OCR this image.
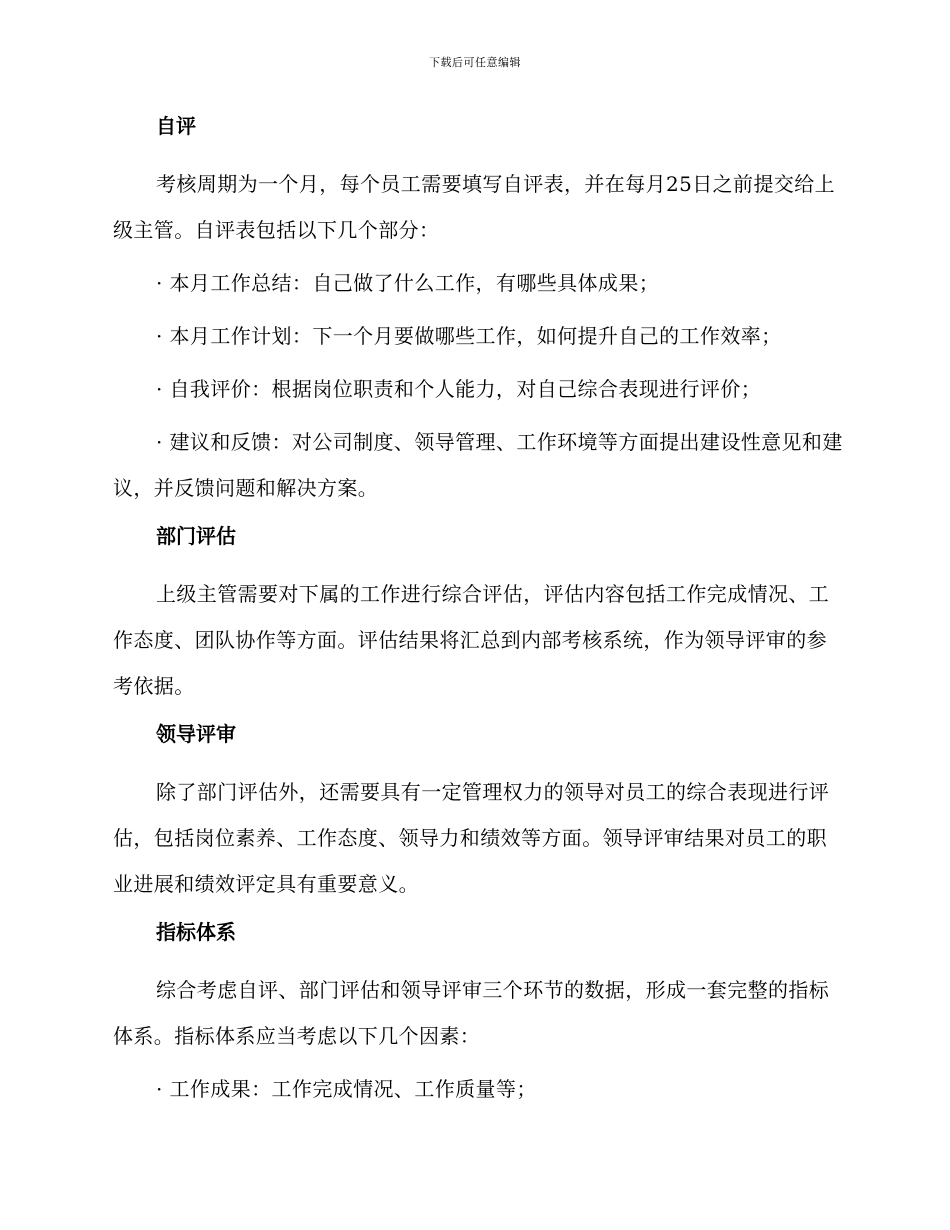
下载后可任意编辑
自评

考核周期为一个月，每个员工需要填写自评表，并在每月25日之前提交给上级主管。自评表包括以下几个部分：

· 本月工作总结：自己做了什么工作，有哪些具体成果；

· 本月工作计划：下一个月要做哪些工作，如何提升自己的工作效率；

· 自我评价：根据岗位职责和个人能力，对自己综合表现进行评价；

· 建议和反馈：对公司制度、领导管理、工作环境等方面提出建设性意见和建议，并反馈问题和解决方案。

部门评估

上级主管需要对下属的工作进行综合评估，评估内容包括工作完成情况、工作态度、团队协作等方面。评估结果将汇总到内部考核系统，作为领导评审的参考依据。

领导评审

除了部门评估外，还需要具有一定管理权力的领导对员工的综合表现进行评估，包括岗位素养、工作态度、领导力和绩效等方面。领导评审结果对员工的职业进展和绩效评定具有重要意义。

指标体系

综合考虑自评、部门评估和领导评审三个环节的数据，形成一套完整的指标体系。指标体系应当考虑以下几个因素：

· 工作成果：工作完成情况、工作质量等；
